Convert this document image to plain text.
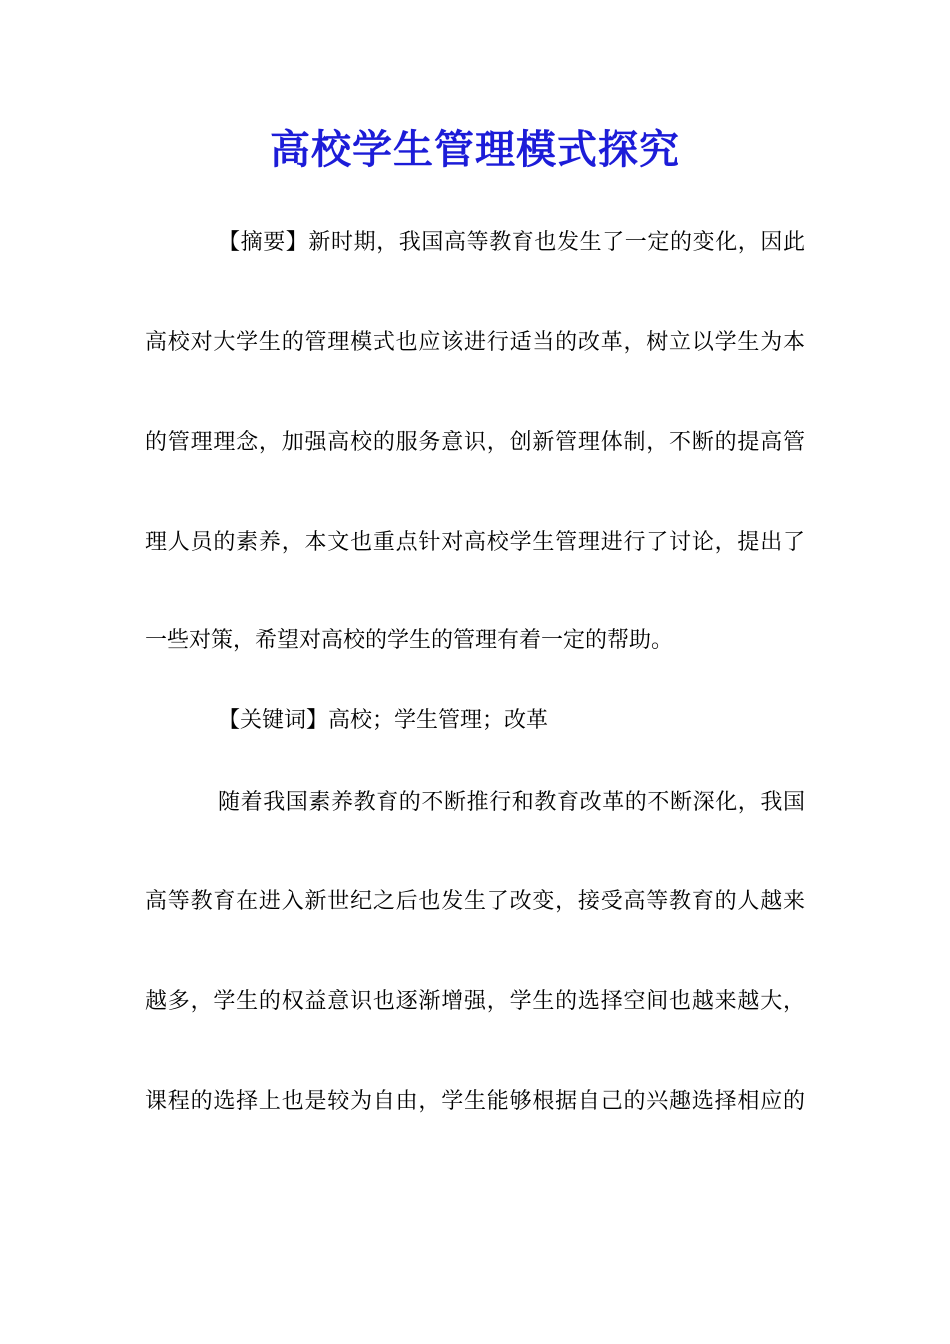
高校学生管理模式探究
【摘要】新时期，我国高等教育也发生了一定的变化，因此
高校对大学生的管理模式也应该进行适当的改革，树立以学生为本
的管理理念，加强高校的服务意识，创新管理体制，不断的提高管
理人员的素养，本文也重点针对高校学生管理进行了讨论，提出了
一些对策，希望对高校的学生的管理有着一定的帮助。
【关键词】高校；学生管理；改革
随着我国素养教育的不断推行和教育改革的不断深化，我国
高等教育在进入新世纪之后也发生了改变，接受高等教育的人越来
越多，学生的权益意识也逐渐增强，学生的选择空间也越来越大，
课程的选择上也是较为自由，学生能够根据自己的兴趣选择相应的
